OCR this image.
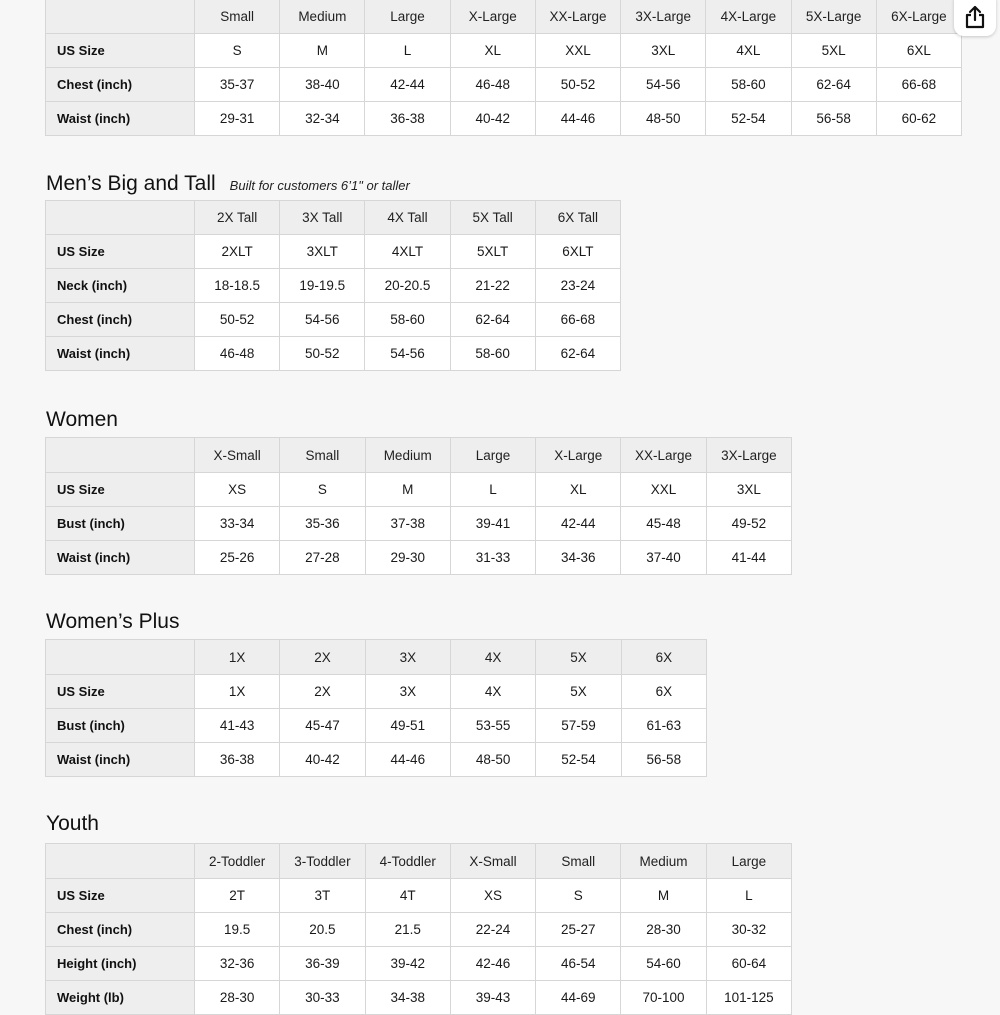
	Small	Medium	Large	X-Large	XX-Large	3X-Large	4X-Large	5X-Large	6X-Large
US Size	S	M	L	XL	XXL	3XL	4XL	5XL	6XL
Chest (inch)	35-37	38-40	42-44	46-48	50-52	54-56	58-60	62-64	66-68
Waist (inch)	29-31	32-34	36-38	40-42	44-46	48-50	52-54	56-58	60-62
Men’s Big and Tall Built for customers 6’1" or taller
	2X Tall	3X Tall	4X Tall	5X Tall	6X Tall
US Size	2XLT	3XLT	4XLT	5XLT	6XLT
Neck (inch)	18-18.5	19-19.5	20-20.5	21-22	23-24
Chest (inch)	50-52	54-56	58-60	62-64	66-68
Waist (inch)	46-48	50-52	54-56	58-60	62-64
Women
	X-Small	Small	Medium	Large	X-Large	XX-Large	3X-Large
US Size	XS	S	M	L	XL	XXL	3XL
Bust (inch)	33-34	35-36	37-38	39-41	42-44	45-48	49-52
Waist (inch)	25-26	27-28	29-30	31-33	34-36	37-40	41-44
Women’s Plus
	1X	2X	3X	4X	5X	6X
US Size	1X	2X	3X	4X	5X	6X
Bust (inch)	41-43	45-47	49-51	53-55	57-59	61-63
Waist (inch)	36-38	40-42	44-46	48-50	52-54	56-58
Youth
	2-Toddler	3-Toddler	4-Toddler	X-Small	Small	Medium	Large
US Size	2T	3T	4T	XS	S	M	L
Chest (inch)	19.5	20.5	21.5	22-24	25-27	28-30	30-32
Height (inch)	32-36	36-39	39-42	42-46	46-54	54-60	60-64
Weight (lb)	28-30	30-33	34-38	39-43	44-69	70-100	101-125
